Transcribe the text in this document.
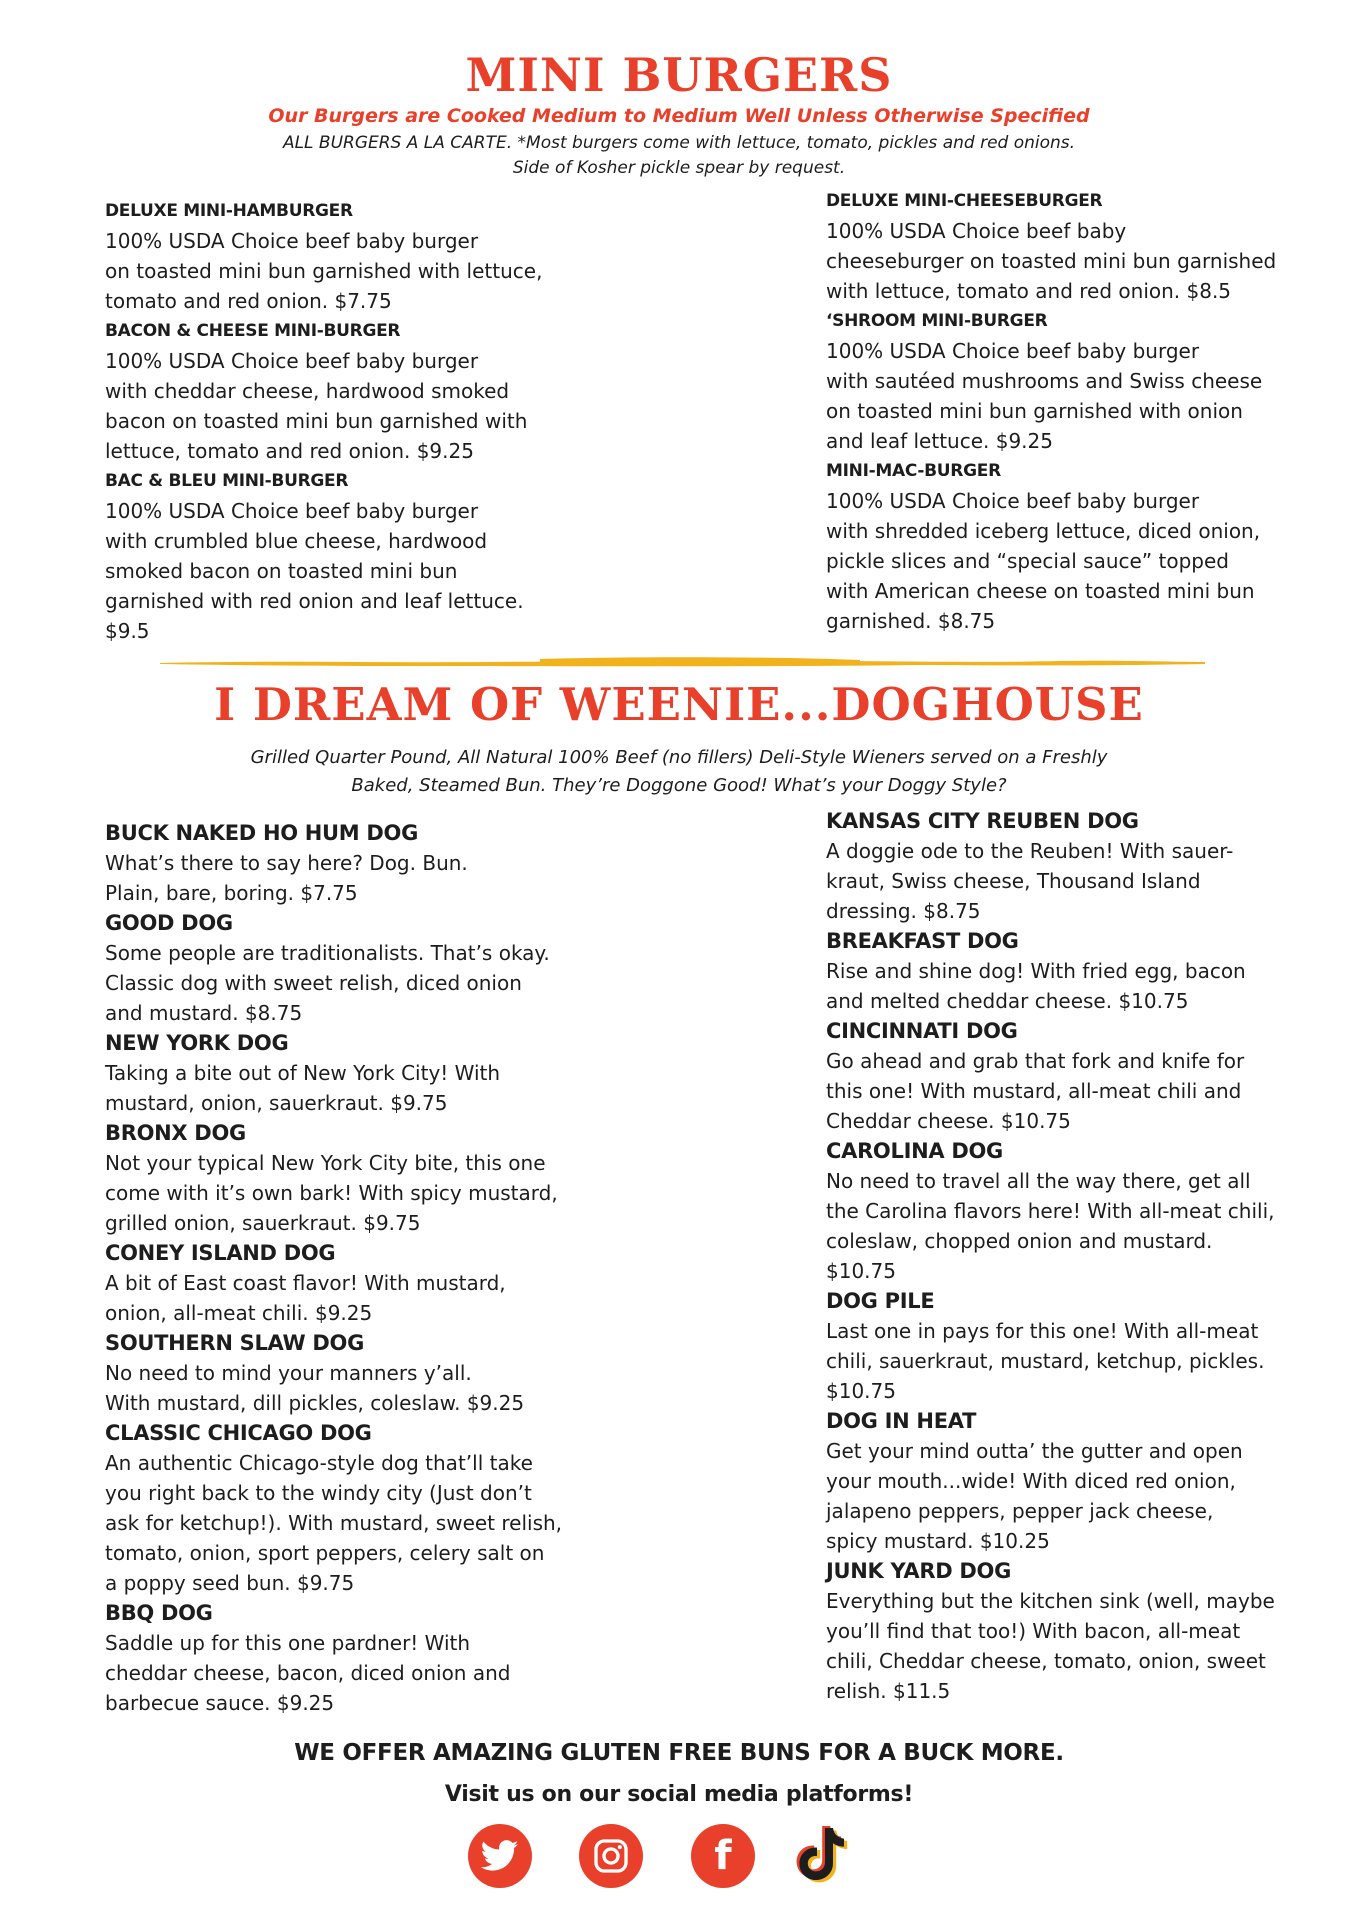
MINI BURGERS

Our Burgers are Cooked Medium to Medium Well Unless Otherwise Specified

ALL BURGERS A LA CARTE. *Most burgers come with lettuce, tomato, pickles and red onions.
Side of Kosher pickle spear by request.

DELUXE MINI-HAMBURGER

100% USDA Choice beef baby burger

on toasted mini bun garnished with lettuce,

tomato and red onion. $7.75

BACON & CHEESE MINI-BURGER

100% USDA Choice beef baby burger

with cheddar cheese, hardwood smoked

bacon on toasted mini bun garnished with

lettuce, tomato and red onion. $9.25

BAC & BLEU MINI-BURGER

100% USDA Choice beef baby burger

with crumbled blue cheese, hardwood

smoked bacon on toasted mini bun

garnished with red onion and leaf lettuce.

$9.5

DELUXE MINI-CHEESEBURGER

100% USDA Choice beef baby

cheeseburger on toasted mini bun garnished

with lettuce, tomato and red onion. $8.5

‘SHROOM MINI-BURGER

100% USDA Choice beef baby burger

with sautéed mushrooms and Swiss cheese

on toasted mini bun garnished with onion

and leaf lettuce. $9.25

MINI-MAC-BURGER

100% USDA Choice beef baby burger

with shredded iceberg lettuce, diced onion,

pickle slices and “special sauce” topped

with American cheese on toasted mini bun

garnished. $8.75

I DREAM OF WEENIE...DOGHOUSE
Grilled Quarter Pound, All Natural 100% Beef (no fillers) Deli-Style Wieners served on a Freshly
Baked, Steamed Bun. They’re Doggone Good! What’s your Doggy Style?

BUCK NAKED HO HUM DOG

What’s there to say here? Dog. Bun.

Plain, bare, boring. $7.75

GOOD DOG

Some people are traditionalists. That’s okay.

Classic dog with sweet relish, diced onion

and mustard. $8.75

NEW YORK DOG

Taking a bite out of New York City! With

mustard, onion, sauerkraut. $9.75

BRONX DOG

Not your typical New York City bite, this one

come with it’s own bark! With spicy mustard,

grilled onion, sauerkraut. $9.75

CONEY ISLAND DOG

A bit of East coast flavor! With mustard,

onion, all-meat chili. $9.25

SOUTHERN SLAW DOG

No need to mind your manners y’all.

With mustard, dill pickles, coleslaw. $9.25

CLASSIC CHICAGO DOG

An authentic Chicago-style dog that’ll take

you right back to the windy city (Just don’t

ask for ketchup!). With mustard, sweet relish,

tomato, onion, sport peppers, celery salt on

a poppy seed bun. $9.75

BBQ DOG

Saddle up for this one pardner! With

cheddar cheese, bacon, diced onion and

barbecue sauce. $9.25

KANSAS CITY REUBEN DOG

A doggie ode to the Reuben! With sauer-

kraut, Swiss cheese, Thousand Island

dressing. $8.75

BREAKFAST DOG

Rise and shine dog! With fried egg, bacon

and melted cheddar cheese. $10.75

CINCINNATI DOG

Go ahead and grab that fork and knife for

this one! With mustard, all-meat chili and

Cheddar cheese. $10.75

CAROLINA DOG

No need to travel all the way there, get all

the Carolina flavors here! With all-meat chili,

coleslaw, chopped onion and mustard.

$10.75

DOG PILE

Last one in pays for this one! With all-meat

chili, sauerkraut, mustard, ketchup, pickles.

$10.75

DOG IN HEAT

Get your mind outta’ the gutter and open

your mouth...wide! With diced red onion,

jalapeno peppers, pepper jack cheese,

spicy mustard. $10.25

JUNK YARD DOG

Everything but the kitchen sink (well, maybe

you’ll find that too!) With bacon, all-meat

chili, Cheddar cheese, tomato, onion, sweet

relish. $11.5

WE OFFER AMAZING GLUTEN FREE BUNS FOR A BUCK MORE.

Visit us on our social media platforms!

f
